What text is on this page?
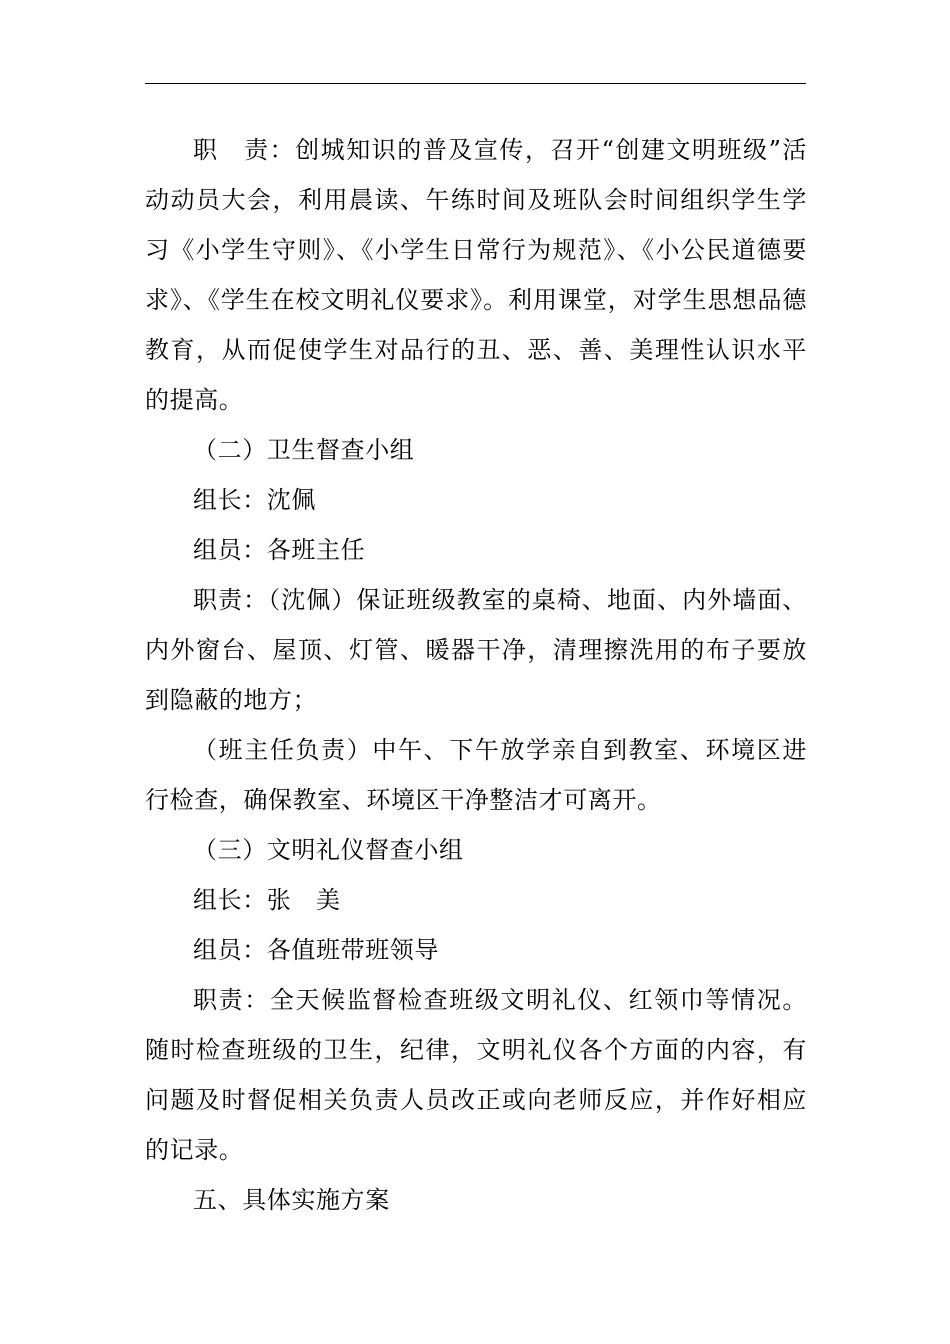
职　责：创城知识的普及宣传，召开“创建文明班级”活动动员大会，利用晨读、午练时间及班队会时间组织学生学习《小学生守则》、《小学生日常行为规范》、《小公民道德要求》、《学生在校文明礼仪要求》。利用课堂，对学生思想品德教育，从而促使学生对品行的丑、恶、善、美理性认识水平的提高。

（二）卫生督查小组

组长：沈佩

组员：各班主任

职责：（沈佩）保证班级教室的桌椅、地面、内外墙面、内外窗台、屋顶、灯管、暖器干净，清理擦洗用的布子要放到隐蔽的地方；

（班主任负责）中午、下午放学亲自到教室、环境区进行检查，确保教室、环境区干净整洁才可离开。

（三）文明礼仪督查小组

组长：张　美

组员：各值班带班领导

职责：全天候监督检查班级文明礼仪、红领巾等情况。随时检查班级的卫生，纪律，文明礼仪各个方面的内容，有问题及时督促相关负责人员改正或向老师反应，并作好相应的记录。

五、具体实施方案
